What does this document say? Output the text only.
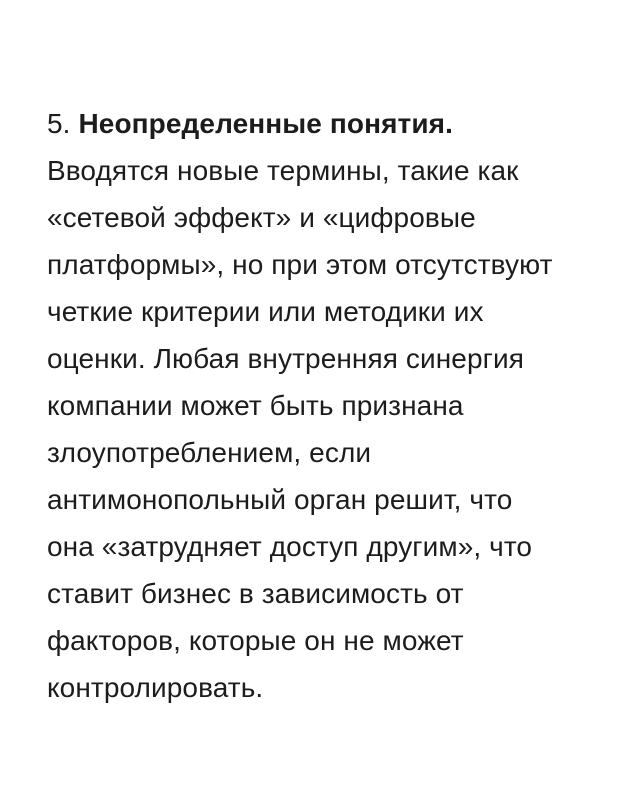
5. Неопределенные понятия.
Вводятся новые термины, такие как
«сетевой эффект» и «цифровые
платформы», но при этом отсутствуют
четкие критерии или методики их
оценки. Любая внутренняя синергия
компании может быть признана
злоупотреблением, если
антимонопольный орган решит, что
она «затрудняет доступ другим», что
ставит бизнес в зависимость от
факторов, которые он не может
контролировать.
